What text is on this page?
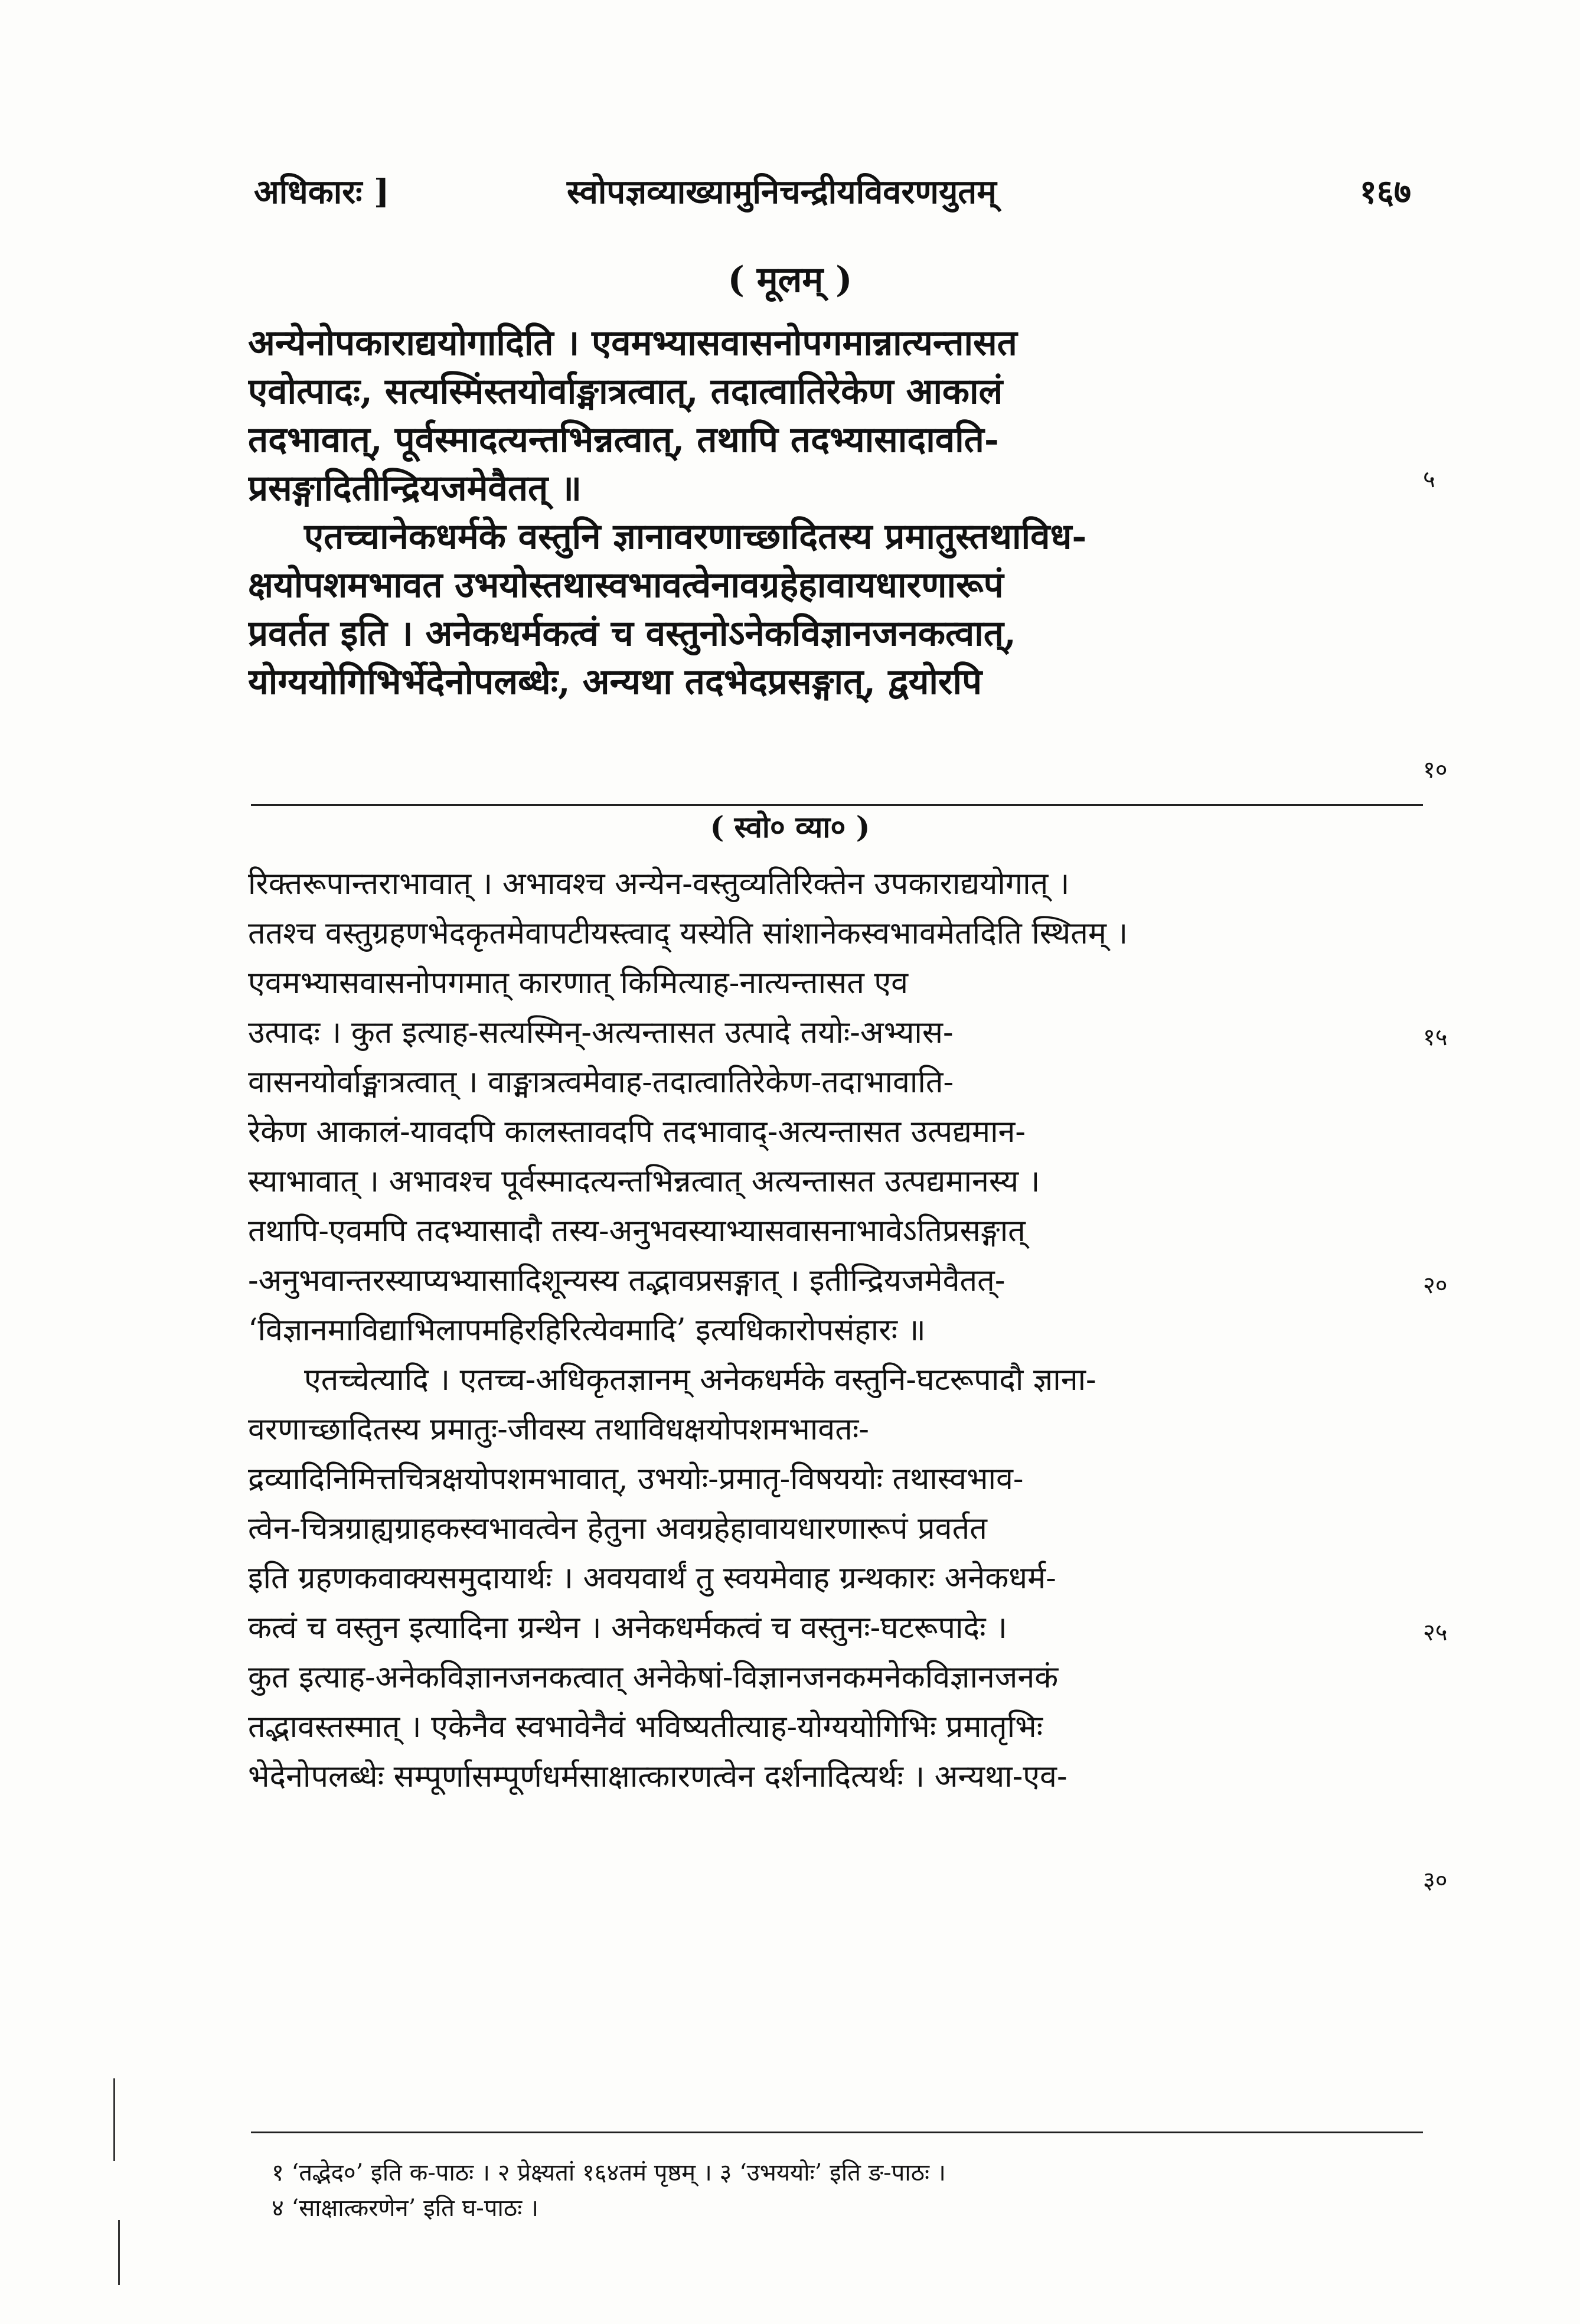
अधिकारः ]	स्वोपज्ञव्याख्यामुनिचन्द्रीयविवरणयुतम्	१६७
( मूलम् )
अन्येनोपकाराद्ययोगादिति । एवमभ्यासवासनोपगमान्नात्यन्तासत
एवोत्पादः, सत्यस्मिंस्तयोर्वाङ्मात्रत्वात्, तदात्वातिरेकेण आकालं
तदभावात्, पूर्वस्मादत्यन्तभिन्नत्वात्, तथापि तदभ्यासादावति-
प्रसङ्गादितीन्द्रियजमेवैतत् ॥
एतच्चानेकधर्मके वस्तुनि ज्ञानावरणाच्छादितस्य प्रमातुस्तथाविध-
क्षयोपशमभावत उभयोस्तथास्वभावत्वेनावग्रहेहावायधारणारूपं
प्रवर्तत इति । अनेकधर्मकत्वं च वस्तुनोऽनेकविज्ञानजनकत्वात्,
योग्ययोगिभिर्भेदेनोपलब्धेः, अन्यथा तदभेदप्रसङ्गात्, द्वयोरपि
५
१०
( स्वो० व्या० )
रिक्तरूपान्तराभावात् । अभावश्च अन्येन-वस्तुव्यतिरिक्तेन उपकाराद्ययोगात् ।
ततश्च वस्तुग्रहणभेदकृतमेवापटीयस्त्वाद् यस्येति सांशानेकस्वभावमेतदिति स्थितम् ।
एवमभ्यासवासनोपगमात् कारणात् किमित्याह-नात्यन्तासत एव
उत्पादः । कुत इत्याह-सत्यस्मिन्-अत्यन्तासत उत्पादे तयोः-अभ्यास-
वासनयोर्वाङ्मात्रत्वात् । वाङ्मात्रत्वमेवाह-तदात्वातिरेकेण-तदाभावाति-
रेकेण आकालं-यावदपि कालस्तावदपि तदभावाद्-अत्यन्तासत उत्पद्यमान-
स्याभावात् । अभावश्च पूर्वस्मादत्यन्तभिन्नत्वात् अत्यन्तासत उत्पद्यमानस्य ।
तथापि-एवमपि तदभ्यासादौ तस्य-अनुभवस्याभ्यासवासनाभावेऽतिप्रसङ्गात्
-अनुभवान्तरस्याप्यभ्यासादिशून्यस्य तद्भावप्रसङ्गात् । इतीन्द्रियजमेवैतत्-
‘विज्ञानमाविद्याभिलापमहिरहिरित्येवमादि’ इत्यधिकारोपसंहारः ॥
एतच्चेत्यादि । एतच्च-अधिकृतज्ञानम् अनेकधर्मके वस्तुनि-घटरूपादौ ज्ञाना-
वरणाच्छादितस्य प्रमातुः-जीवस्य तथाविधक्षयोपशमभावतः-
द्रव्यादिनिमित्तचित्रक्षयोपशमभावात्, उभयोः-प्रमातृ-विषययोः तथास्वभाव-
त्वेन-चित्रग्राह्यग्राहकस्वभावत्वेन हेतुना अवग्रहेहावायधारणारूपं प्रवर्तत
इति ग्रहणकवाक्यसमुदायार्थः । अवयवार्थं तु स्वयमेवाह ग्रन्थकारः अनेकधर्म-
कत्वं च वस्तुन इत्यादिना ग्रन्थेन । अनेकधर्मकत्वं च वस्तुनः-घटरूपादेः ।
कुत इत्याह-अनेकविज्ञानजनकत्वात् अनेकेषां-विज्ञानजनकमनेकविज्ञानजनकं
तद्भावस्तस्मात् । एकेनैव स्वभावेनैवं भविष्यतीत्याह-योग्ययोगिभिः प्रमातृभिः
भेदेनोपलब्धेः सम्पूर्णासम्पूर्णधर्मसाक्षात्कारणत्वेन दर्शनादित्यर्थः । अन्यथा-एव-
१५
२०
२५
३०
१ ‘तद्भेद०’ इति क-पाठः । २ प्रेक्ष्यतां १६४तमं पृष्ठम् । ३ ‘उभययोः’ इति ङ-पाठः ।
४ ‘साक्षात्करणेन’ इति घ-पाठः ।
